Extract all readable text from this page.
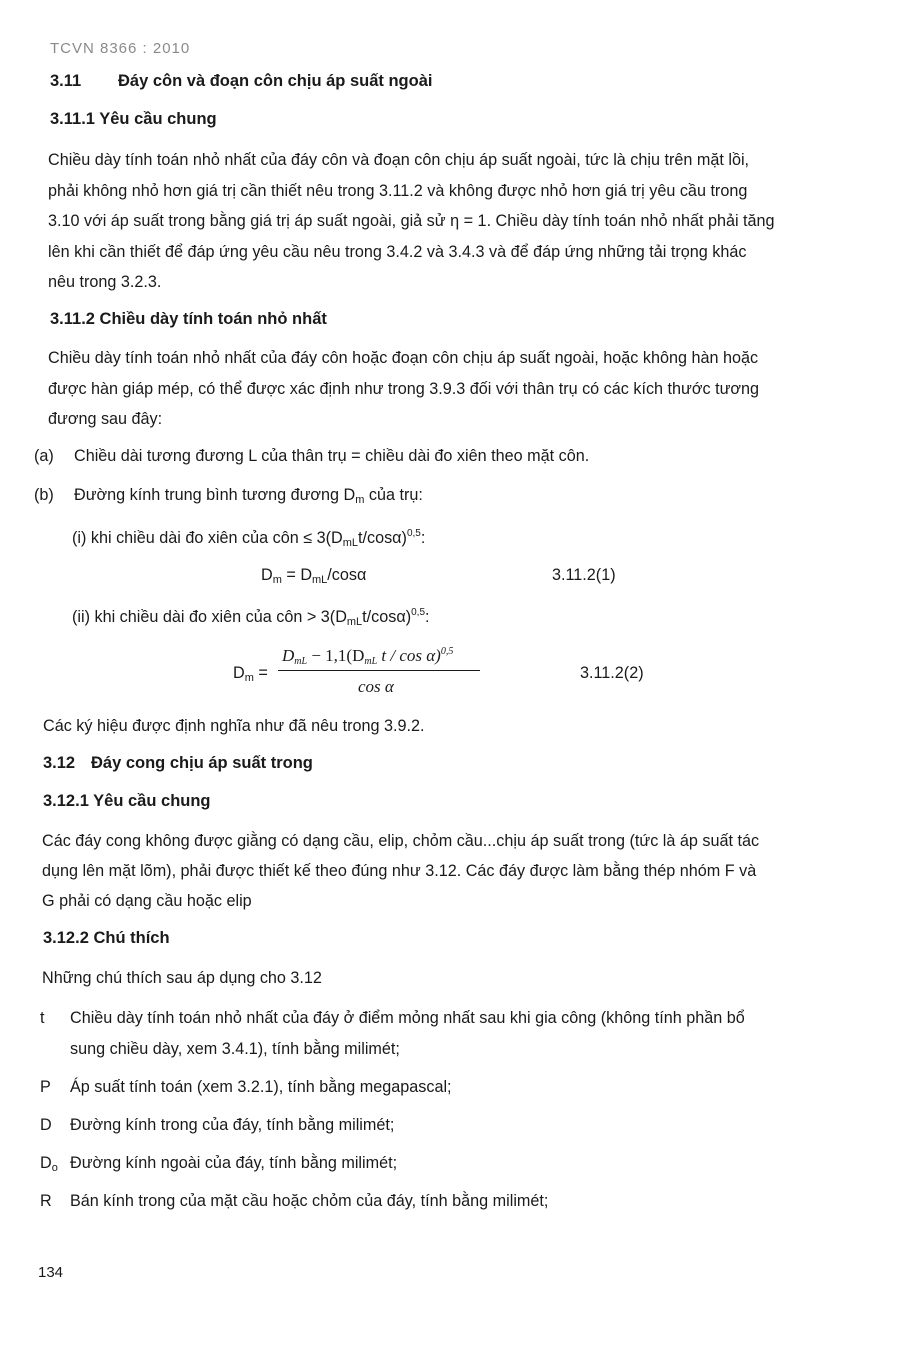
TCVN 8366 : 2010
3.11 Đáy côn và đoạn côn chịu áp suất ngoài
3.11.1 Yêu cầu chung
Chiều dày tính toán nhỏ nhất của đáy côn và đoạn côn chịu áp suất ngoài, tức là chịu trên mặt lồi,
phải không nhỏ hơn giá trị cần thiết nêu trong 3.11.2 và không được nhỏ hơn giá trị yêu cầu trong
3.10 với áp suất trong bằng giá trị áp suất ngoài, giả sử η = 1. Chiều dày tính toán nhỏ nhất phải tăng
lên khi cần thiết để đáp ứng yêu cầu nêu trong 3.4.2 và 3.4.3 và để đáp ứng những tải trọng khác
nêu trong 3.2.3.
3.11.2 Chiều dày tính toán nhỏ nhất
Chiều dày tính toán nhỏ nhất của đáy côn hoặc đoạn côn chịu áp suất ngoài, hoặc không hàn hoặc
được hàn giáp mép, có thể được xác định như trong 3.9.3 đối với thân trụ có các kích thước tương
đương sau đây:
(a) Chiều dài tương đương L của thân trụ = chiều dài đo xiên theo mặt côn.
(b) Đường kính trung bình tương đương $D_m$ của trụ:
(i) khi chiều dài đo xiên của côn ≤ $3(D_{mL}t/\cos\alpha)^{0,5}$:
$D_m = D_{mL}/\cos\alpha$	3.11.2(1)
(ii) khi chiều dài đo xiên của côn > $3(D_{mL}t/\cos\alpha)^{0,5}$:
$D_m$ =
$D_{mL} - 1,1(D_{mL}$ t / cos α)$^{0,5}$
cos α
3.11.2(2)
Các ký hiệu được định nghĩa như đã nêu trong 3.9.2.
3.12 Đáy cong chịu áp suất trong
3.12.1 Yêu cầu chung
Các đáy cong không được giằng có dạng cầu, elip, chỏm cầu...chịu áp suất trong (tức là áp suất tác
dụng lên mặt lõm), phải được thiết kế theo đúng như 3.12. Các đáy được làm bằng thép nhóm F và
G phải có dạng cầu hoặc elip
3.12.2 Chú thích
Những chú thích sau áp dụng cho 3.12
t Chiều dày tính toán nhỏ nhất của đáy ở điểm mỏng nhất sau khi gia công (không tính phần bổ
sung chiều dày, xem 3.4.1), tính bằng milimét;
P Áp suất tính toán (xem 3.2.1), tính bằng megapascal;
D Đường kính trong của đáy, tính bằng milimét;
$D_o$ Đường kính ngoài của đáy, tính bằng milimét;
R Bán kính trong của mặt cầu hoặc chỏm của đáy, tính bằng milimét;
134
